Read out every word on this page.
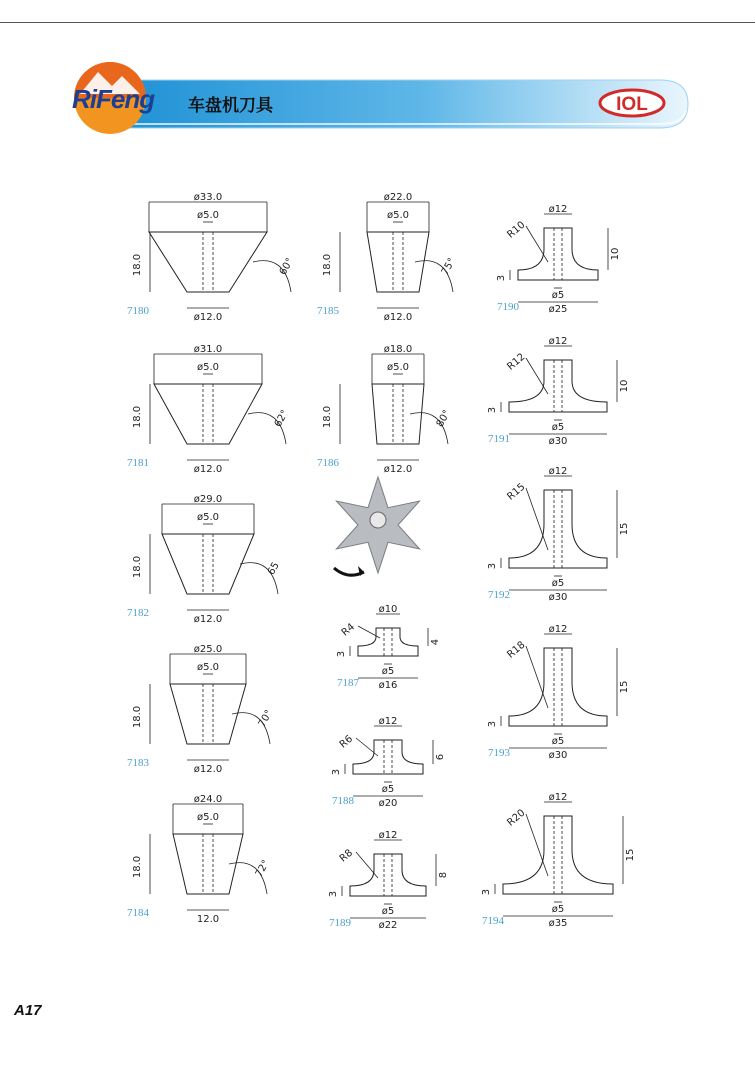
RiFeng 车盘机刀具	IOL
ø33.0
ø5.0
ø12.0
18.0	60°
7180
ø31.0
ø5.0
ø12.0
18.0	62°
7181
ø29.0
ø5.0
ø12.0
18.0	65
7182
ø25.0
ø5.0
ø12.0
18.0	70°
7183
ø24.0
ø5.0
12.0
18.0	72°
7184
ø22.0
ø5.0
ø12.0
18.0	75°
7185
ø18.0
ø5.0
ø12.0
18.0	80°
7186
ø10
ø5
ø16
4
3
R4
7187
ø12
ø5
ø20
6
3
R6
7188
ø12
ø5
ø22
8
3
R8
7189
ø12
ø5
ø25
10
3
R10
7190
ø12
ø5
ø30
10
3
R12
7191
ø12
ø5
ø30
15
3
R15
7192
ø12
ø5
ø30
15
3
R18
7193
ø12
ø5
ø35
15
3
R20
7194
A17
